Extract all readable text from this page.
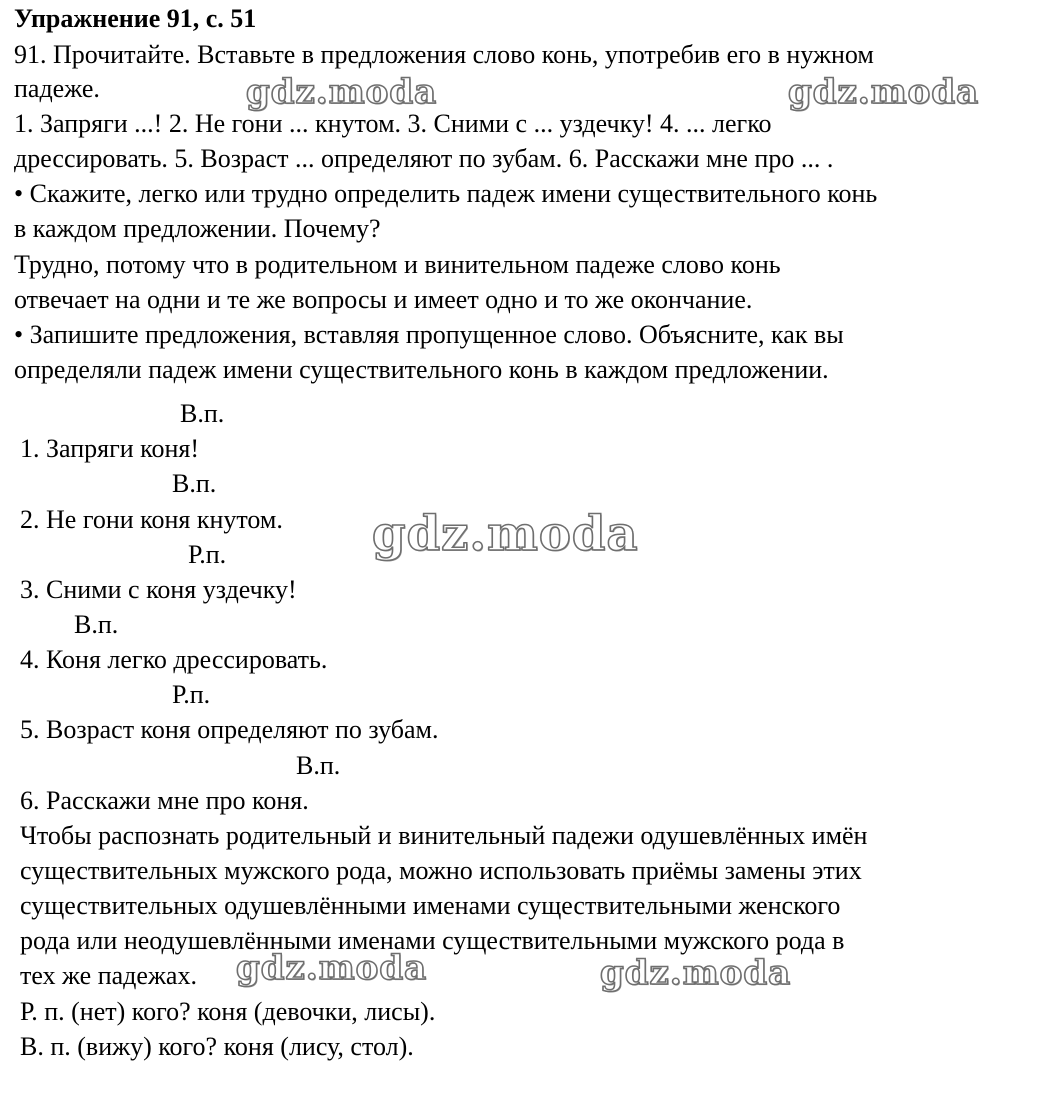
Упражнение 91, с. 51
91. Прочитайте. Вставьте в предложения слово конь, употребив его в нужном
падеже.
1. Запряги ...! 2. Не гони ... кнутом. 3. Сними с ... уздечку! 4. ... легко
дрессировать. 5. Возраст ... определяют по зубам. 6. Расскажи мне про ... .
• Скажите, легко или трудно определить падеж имени существительного конь
в каждом предложении. Почему?
Трудно, потому что в родительном и винительном падеже слово конь
отвечает на одни и те же вопросы и имеет одно и то же окончание.
• Запишите предложения, вставляя пропущенное слово. Объясните, как вы
определяли падеж имени существительного конь в каждом предложении.
В.п.
1. Запряги коня!
В.п.
2. Не гони коня кнутом.
Р.п.
3. Сними с коня уздечку!
В.п.
4. Коня легко дрессировать.
Р.п.
5. Возраст коня определяют по зубам.
В.п.
6. Расскажи мне про коня.
Чтобы распознать родительный и винительный падежи одушевлённых имён
существительных мужского рода, можно использовать приёмы замены этих
существительных одушевлёнными именами существительными женского
рода или неодушевлёнными именами существительными мужского рода в
тех же падежах.
Р. п. (нет) кого? коня (девочки, лисы).
В. п. (вижу) кого? коня (лису, стол).
gdz.moda	gdz.moda
gdz.moda
gdz.moda	gdz.moda
